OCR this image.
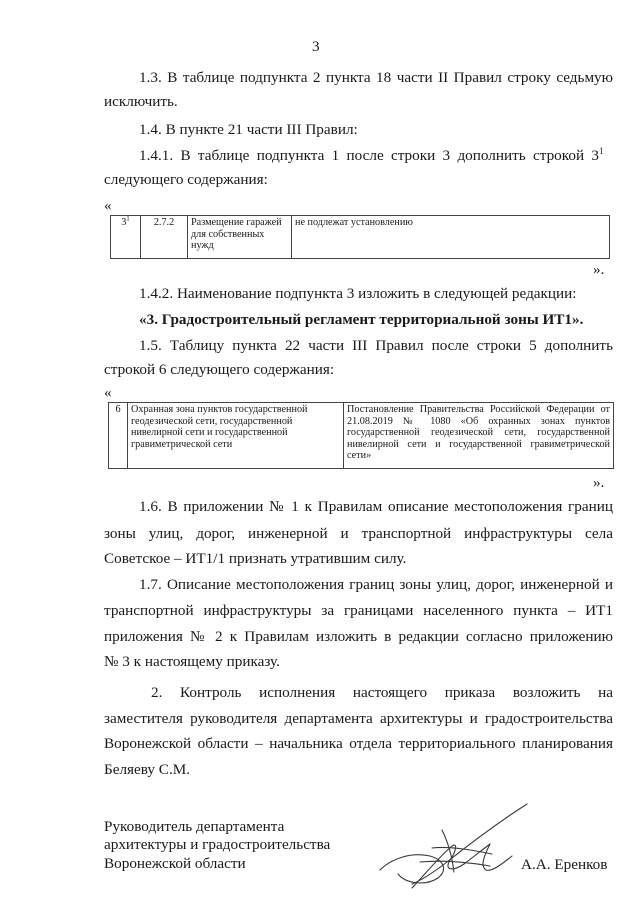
3
1.3. В таблице подпункта 2 пункта 18 части II Правил строку седьмую
исключить.
1.4. В пункте 21 части III Правил:
1.4.1. В таблице подпункта 1 после строки 3 дополнить строкой $3^1$
следующего содержания:
«
$3^1$	2.7.2	Размещение гаражей для собственных нужд	не подлежат установлению
».
1.4.2. Наименование подпункта 3 изложить в следующей редакции:
«3. Градостроительный регламент территориальной зоны ИТ1».
1.5. Таблицу пункта 22 части III Правил после строки 5 дополнить
строкой 6 следующего содержания:
«
6	Охранная зона пунктов государственной геодезической сети, государственной нивелирной сети и государственной гравиметрической сети	Постановление Правительства Российской Федерации от 21.08.2019 № 1080 «Об охранных зонах пунктов государственной геодезической сети, государственной нивелирной сети и государственной гравиметрической сети»
».
1.6. В приложении № 1 к Правилам описание местоположения границ
зоны улиц, дорог, инженерной и транспортной инфраструктуры села
Советское – ИТ1/1 признать утратившим силу.
1.7. Описание местоположения границ зоны улиц, дорог, инженерной и
транспортной инфраструктуры за границами населенного пункта – ИТ1
приложения № 2 к Правилам изложить в редакции согласно приложению
№ 3 к настоящему приказу.
2. Контроль исполнения настоящего приказа возложить на
заместителя руководителя департамента архитектуры и градостроительства
Воронежской области – начальника отдела территориального планирования
Беляеву С.М.
Руководитель департамента
архитектуры и градостроительства
Воронежской области	А.А. Еренков
